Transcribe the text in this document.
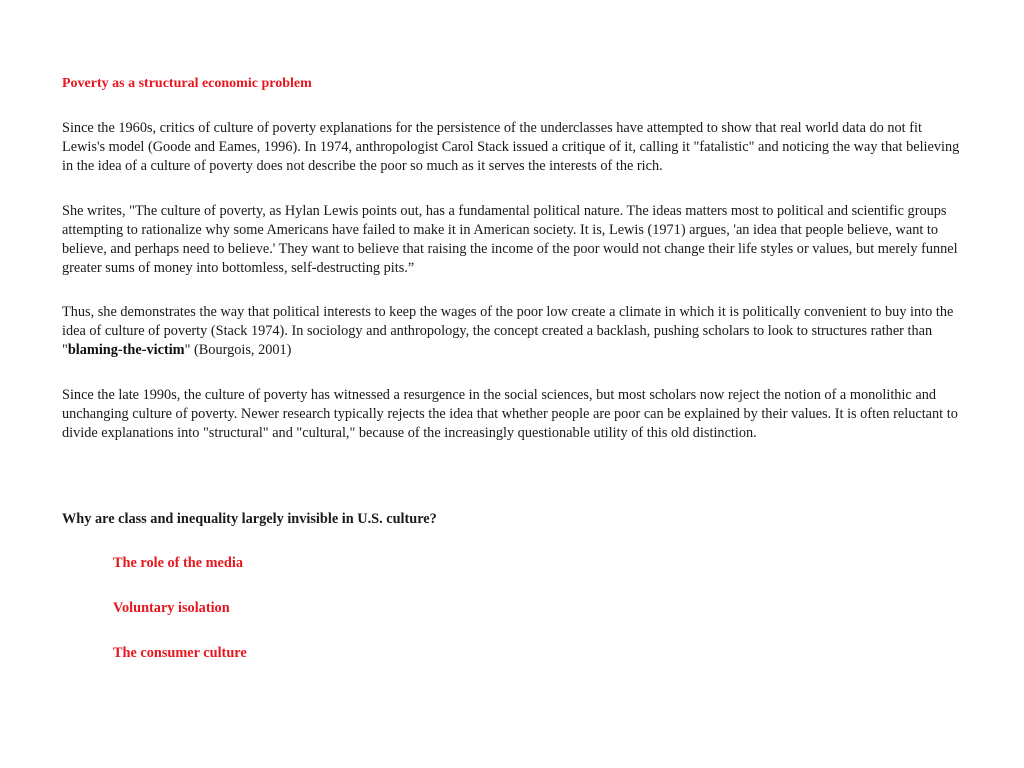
Poverty as a structural economic problem

Since the 1960s, critics of culture of poverty explanations for the persistence of the underclasses have attempted to show that real world data do not fit Lewis's model (Goode and Eames, 1996). In 1974, anthropologist Carol Stack issued a critique of it, calling it "fatalistic" and noticing the way that believing in the idea of a culture of poverty does not describe the poor so much as it serves the interests of the rich.

She writes, "The culture of poverty, as Hylan Lewis points out, has a fundamental political nature. The ideas matters most to political and scientific groups attempting to rationalize why some Americans have failed to make it in American society. It is, Lewis (1971) argues, 'an idea that people believe, want to believe, and perhaps need to believe.' They want to believe that raising the income of the poor would not change their life styles or values, but merely funnel greater sums of money into bottomless, self-destructing pits.”

Thus, she demonstrates the way that political interests to keep the wages of the poor low create a climate in which it is politically convenient to buy into the idea of culture of poverty (Stack 1974). In sociology and anthropology, the concept created a backlash, pushing scholars to look to structures rather than "blaming-the-victim" (Bourgois, 2001)

Since the late 1990s, the culture of poverty has witnessed a resurgence in the social sciences, but most scholars now reject the notion of a monolithic and unchanging culture of poverty. Newer research typically rejects the idea that whether people are poor can be explained by their values. It is often reluctant to divide explanations into "structural" and "cultural," because of the increasingly questionable utility of this old distinction.

Why are class and inequality largely invisible in U.S. culture?
The role of the media
Voluntary isolation
The consumer culture
